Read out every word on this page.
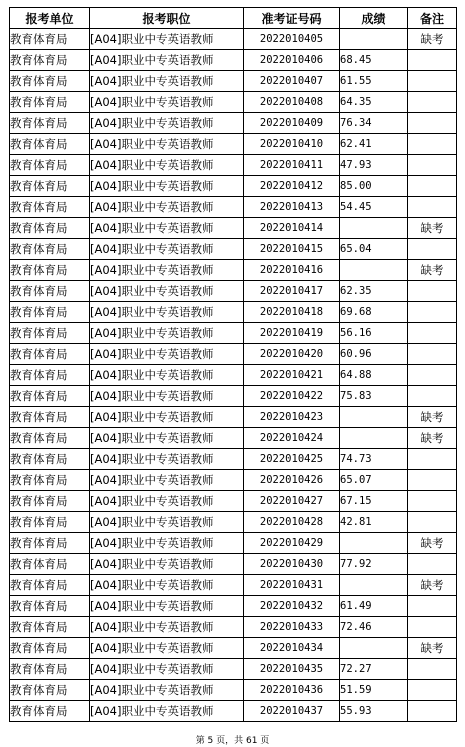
报考单位	报考职位	准考证号码	成绩	备注
教育体育局	[A04]职业中专英语教师	2022010405		缺考
教育体育局	[A04]职业中专英语教师	2022010406	68.45	
教育体育局	[A04]职业中专英语教师	2022010407	61.55	
教育体育局	[A04]职业中专英语教师	2022010408	64.35	
教育体育局	[A04]职业中专英语教师	2022010409	76.34	
教育体育局	[A04]职业中专英语教师	2022010410	62.41	
教育体育局	[A04]职业中专英语教师	2022010411	47.93	
教育体育局	[A04]职业中专英语教师	2022010412	85.00	
教育体育局	[A04]职业中专英语教师	2022010413	54.45	
教育体育局	[A04]职业中专英语教师	2022010414		缺考
教育体育局	[A04]职业中专英语教师	2022010415	65.04	
教育体育局	[A04]职业中专英语教师	2022010416		缺考
教育体育局	[A04]职业中专英语教师	2022010417	62.35	
教育体育局	[A04]职业中专英语教师	2022010418	69.68	
教育体育局	[A04]职业中专英语教师	2022010419	56.16	
教育体育局	[A04]职业中专英语教师	2022010420	60.96	
教育体育局	[A04]职业中专英语教师	2022010421	64.88	
教育体育局	[A04]职业中专英语教师	2022010422	75.83	
教育体育局	[A04]职业中专英语教师	2022010423		缺考
教育体育局	[A04]职业中专英语教师	2022010424		缺考
教育体育局	[A04]职业中专英语教师	2022010425	74.73	
教育体育局	[A04]职业中专英语教师	2022010426	65.07	
教育体育局	[A04]职业中专英语教师	2022010427	67.15	
教育体育局	[A04]职业中专英语教师	2022010428	42.81	
教育体育局	[A04]职业中专英语教师	2022010429		缺考
教育体育局	[A04]职业中专英语教师	2022010430	77.92	
教育体育局	[A04]职业中专英语教师	2022010431		缺考
教育体育局	[A04]职业中专英语教师	2022010432	61.49	
教育体育局	[A04]职业中专英语教师	2022010433	72.46	
教育体育局	[A04]职业中专英语教师	2022010434		缺考
教育体育局	[A04]职业中专英语教师	2022010435	72.27	
教育体育局	[A04]职业中专英语教师	2022010436	51.59	
教育体育局	[A04]职业中专英语教师	2022010437	55.93	
第 5 页，共 61 页
